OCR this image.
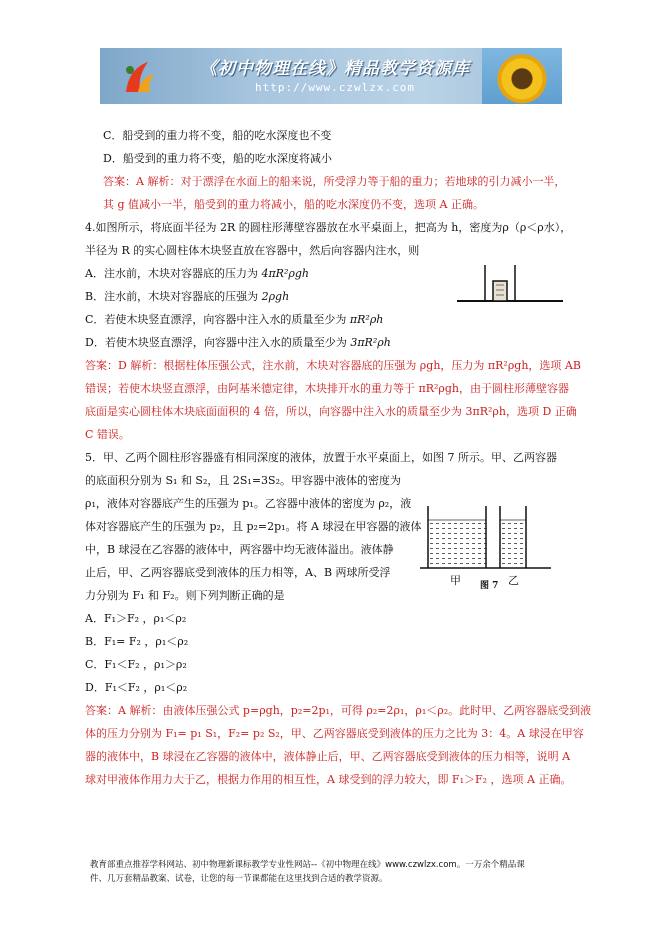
《初中物理在线》精品教学资源库
http://www.czwlzx.com
C．船受到的重力将不变，船的吃水深度也不变
D．船受到的重力将不变，船的吃水深度将减小
答案：A 解析：对于漂浮在水面上的船来说，所受浮力等于船的重力；若地球的引力减小一半，
其 g 值减小一半，船受到的重力将减小，船的吃水深度仍不变，选项 A 正确。
4.如图所示，将底面半径为 2R 的圆柱形薄壁容器放在水平桌面上，把高为 h，密度为ρ（ρ＜ρ水），
半径为 R 的实心圆柱体木块竖直放在容器中，然后向容器内注水，则
A．注水前，木块对容器底的压力为 4πR²ρgh
B．注水前，木块对容器底的压强为 2ρgh
C．若使木块竖直漂浮，向容器中注入水的质量至少为 πR²ρh
D．若使木块竖直漂浮，向容器中注入水的质量至少为 3πR²ρh
答案：D 解析：根据柱体压强公式，注水前，木块对容器底的压强为 ρgh，压力为 πR²ρgh，选项 AB
错误；若使木块竖直漂浮，由阿基米德定律，木块排开水的重力等于 πR²ρgh，由于圆柱形薄壁容器
底面是实心圆柱体木块底面面积的 4 倍，所以，向容器中注入水的质量至少为 3πR²ρh，选项 D 正确
C 错误。
5．甲、乙两个圆柱形容器盛有相同深度的液体，放置于水平桌面上，如图 7 所示。甲、乙两容器
的底面积分别为 S₁ 和 S₂，且 2S₁=3S₂。甲容器中液体的密度为
ρ₁，液体对容器底产生的压强为 p₁。乙容器中液体的密度为 ρ₂，液
体对容器底产生的压强为 p₂，且 p₂=2p₁。将 A 球浸在甲容器的液体
中，B 球浸在乙容器的液体中，两容器中均无液体溢出。液体静
止后，甲、乙两容器底受到液体的压力相等，A、B 两球所受浮
力分别为 F₁ 和 F₂。则下列判断正确的是
A．F₁＞F₂ ，ρ₁＜ρ₂
B．F₁= F₂ ，ρ₁＜ρ₂
C．F₁＜F₂ ，ρ₁＞ρ₂
D．F₁＜F₂ ，ρ₁＜ρ₂
答案：A 解析：由液体压强公式 p=ρgh，p₂=2p₁，可得 ρ₂=2ρ₁，ρ₁＜ρ₂。此时甲、乙两容器底受到液
体的压力分别为 F₁= p₁ S₁，F₂= p₂ S₂，甲、乙两容器底受到液体的压力之比为 3：4。A 球浸在甲容
器的液体中，B 球浸在乙容器的液体中，液体静止后，甲、乙两容器底受到液体的压力相等，说明 A
球对甲液体作用力大于乙，根据力作用的相互性，A 球受到的浮力较大，即 F₁＞F₂ ，选项 A 正确。
甲 图 7 乙
教育部重点推荐学科网站、初中物理新课标教学专业性网站--《初中物理在线》www.czwlzx.com。一万余个精品课
件、几万套精品教案、试卷，让您的每一节课都能在这里找到合适的教学资源。
